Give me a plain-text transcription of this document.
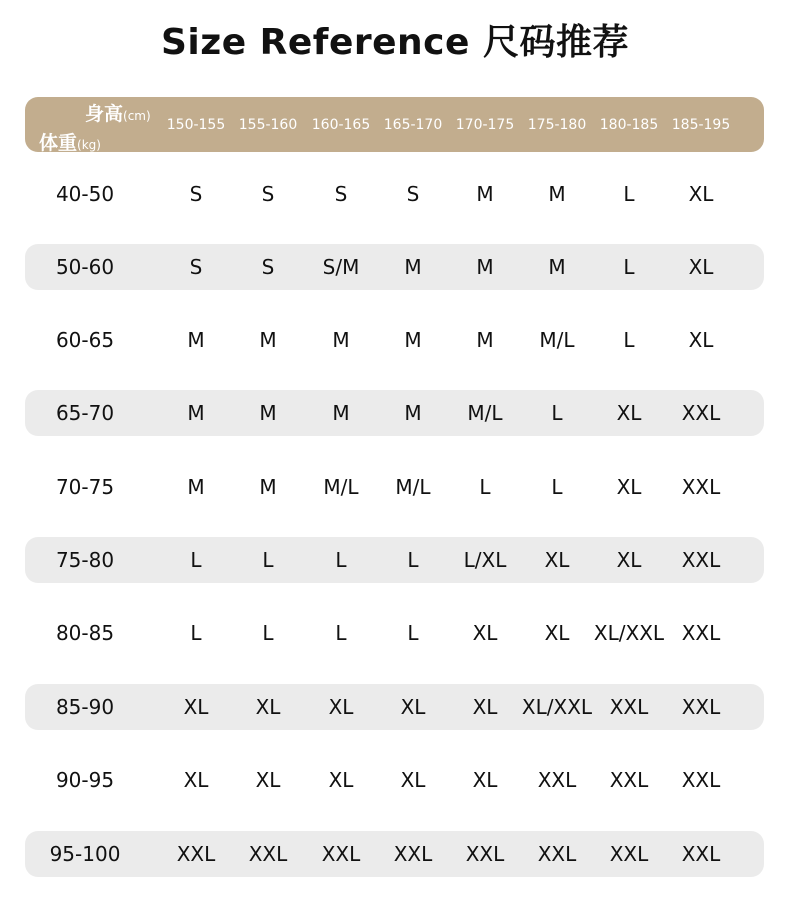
Size Reference 尺码推荐
身高(cm)
体重(kg)
150-155 155-160	160-165 165-170 170-175 175-180 180-185 185-195
40-50	S	S	S	S	M	M	L	XL
50-60	S	S	S/M	M	M	M	L	XL
60-65	M	M	M	M	M	M/L	L	XL
65-70	M	M	M	M	M/L	L	XL	XXL
70-75	M	M	M/L	M/L	L	L	XL	XXL
75-80	L	L	L	L	L/XL	XL	XL	XXL
80-85	L	L	L	L	XL	XL	XL/XXL XXL
85-90	XL	XL	XL	XL	XL	XL/XXL XXL	XXL
90-95	XL	XL	XL	XL	XL	XXL	XXL	XXL
95-100	XXL	XXL	XXL	XXL	XXL	XXL	XXL	XXL
